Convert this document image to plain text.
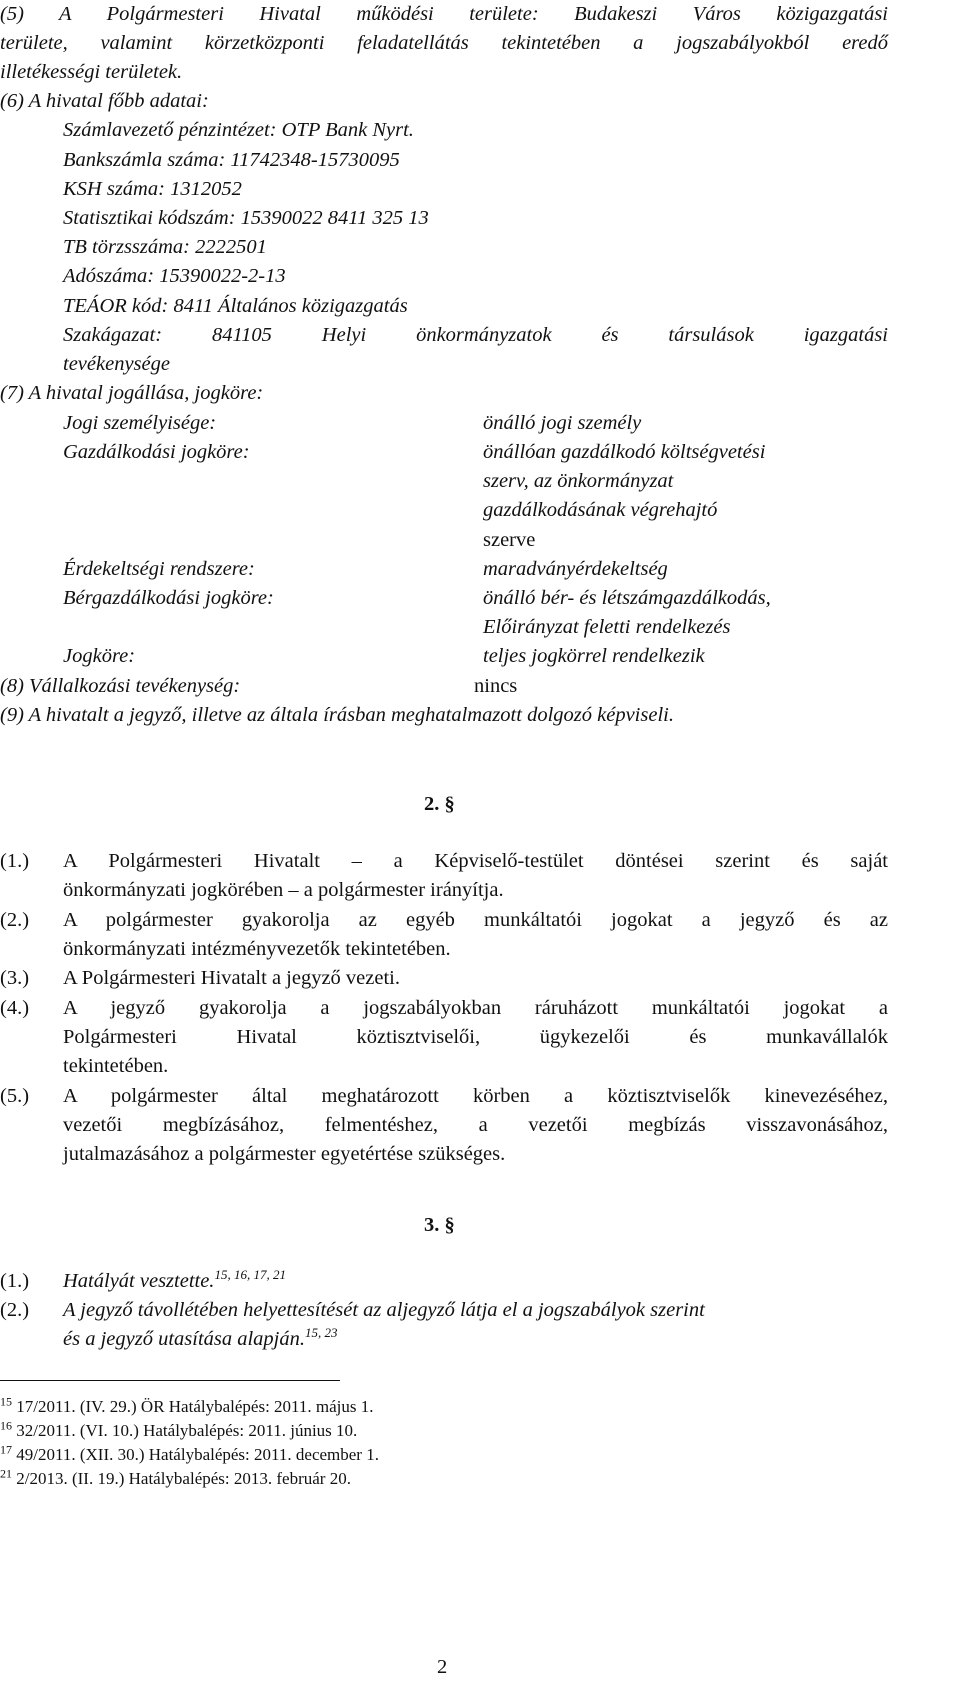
(5) A Polgármesteri Hivatal működési területe: Budakeszi Város közigazgatási
területe, valamint körzetközponti feladatellátás tekintetében a jogszabályokból eredő
illetékességi területek.
(6) A hivatal főbb adatai:
Számlavezető pénzintézet: OTP Bank Nyrt.
Bankszámla száma: 11742348-15730095
KSH száma: 1312052
Statisztikai kódszám: 15390022 8411 325 13
TB törzsszáma: 2222501
Adószáma: 15390022-2-13
TEÁOR kód: 8411 Általános közigazgatás
Szakágazat: 841105 Helyi önkormányzatok és társulások igazgatási
tevékenysége
(7) A hivatal jogállása, jogköre:
Jogi személyisége:	önálló jogi személy
Gazdálkodási jogköre:	önállóan gazdálkodó költségvetési
szerv, az önkormányzat
gazdálkodásának végrehajtó
szerve
Érdekeltségi rendszere:	maradványérdekeltség
Bérgazdálkodási jogköre:	önálló bér- és létszámgazdálkodás,
Előirányzat feletti rendelkezés
Jogköre:	teljes jogkörrel rendelkezik
(8) Vállalkozási tevékenység:	nincs
(9) A hivatalt a jegyző, illetve az általa írásban meghatalmazott dolgozó képviseli.
2. §
(1.) A Polgármesteri Hivatalt – a Képviselő-testület döntései szerint és saját
önkormányzati jogkörében – a polgármester irányítja.
(2.) A polgármester gyakorolja az egyéb munkáltatói jogokat a jegyző és az
önkormányzati intézményvezetők tekintetében.
(3.) A Polgármesteri Hivatalt a jegyző vezeti.
(4.) A jegyző gyakorolja a jogszabályokban ráruházott munkáltatói jogokat a
Polgármesteri Hivatal köztisztviselői, ügykezelői és munkavállalók
tekintetében.
(5.) A polgármester által meghatározott körben a köztisztviselők kinevezéséhez,
vezetői megbízásához, felmentéshez, a vezetői megbízás visszavonásához,
jutalmazásához a polgármester egyetértése szükséges.
3. §
(1.) Hatályát vesztette.$^{15, 16, 17, 21}$
(2.) A jegyző távollétében helyettesítését az aljegyző látja el a jogszabályok szerint
és a jegyző utasítása alapján.$^{15, 23}$
$^{15}$ 17/2011. (IV. 29.) ÖR Hatálybalépés: 2011. május 1.
$^{16}$ 32/2011. (VI. 10.) Hatálybalépés: 2011. június 10.
$^{17}$ 49/2011. (XII. 30.) Hatálybalépés: 2011. december 1.
$^{21}$ 2/2013. (II. 19.) Hatálybalépés: 2013. február 20.
2
